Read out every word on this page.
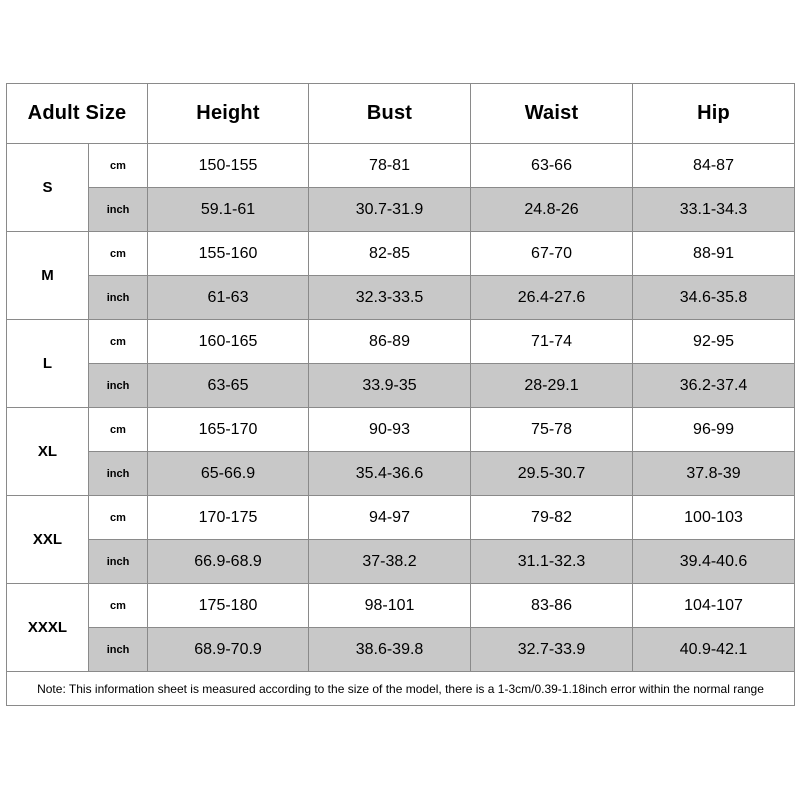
Adult Size		Height	Bust	Waist	Hip
S	cm	150-155	78-81	63-66	84-87
	inch	59.1-61	30.7-31.9	24.8-26	33.1-34.3
M	cm	155-160	82-85	67-70	88-91
	inch	61-63	32.3-33.5	26.4-27.6	34.6-35.8
L	cm	160-165	86-89	71-74	92-95
	inch	63-65	33.9-35	28-29.1	36.2-37.4
XL	cm	165-170	90-93	75-78	96-99
	inch	65-66.9	35.4-36.6	29.5-30.7	37.8-39
XXL	cm	170-175	94-97	79-82	100-103
	inch	66.9-68.9	37-38.2	31.1-32.3	39.4-40.6
XXXL	cm	175-180	98-101	83-86	104-107
	inch	68.9-70.9	38.6-39.8	32.7-33.9	40.9-42.1
Note: This information sheet is measured according to the size of the model, there is a 1-3cm/0.39-1.18inch error within the normal range					
